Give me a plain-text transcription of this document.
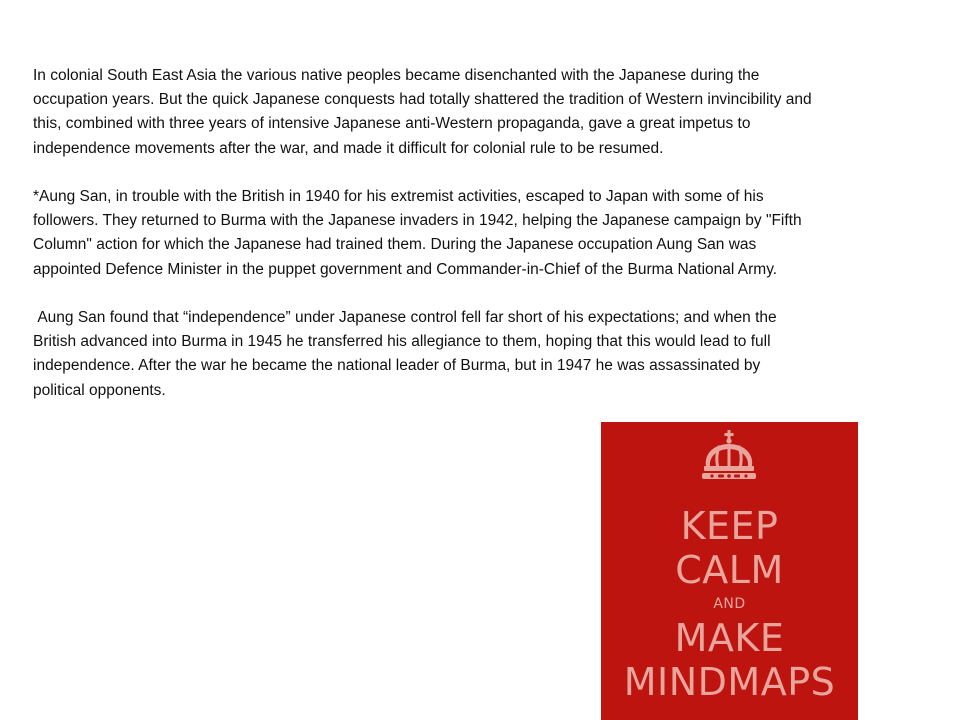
In colonial South East Asia the various native peoples became disenchanted with the Japanese during the occupation years. But the quick Japanese conquests had totally shattered the tradition of Western invincibility and this, combined with three years of intensive Japanese anti-Western propaganda, gave a great impetus to independence movements after the war, and made it difficult for colonial rule to be resumed.

*Aung San, in trouble with the British in 1940 for his extremist activities, escaped to Japan with some of his followers. They returned to Burma with the Japanese invaders in 1942, helping the Japanese campaign by "Fifth Column" action for which the Japanese had trained them. During the Japanese occupation Aung San was appointed Defence Minister in the puppet government and Commander-in-Chief of the Burma National Army.

Aung San found that “independence” under Japanese control fell far short of his expectations; and when the British advanced into Burma in 1945 he transferred his allegiance to them, hoping that this would lead to full independence. After the war he became the national leader of Burma, but in 1947 he was assassinated by political opponents.

KEEP
CALM
AND
MAKE
MINDMAPS
